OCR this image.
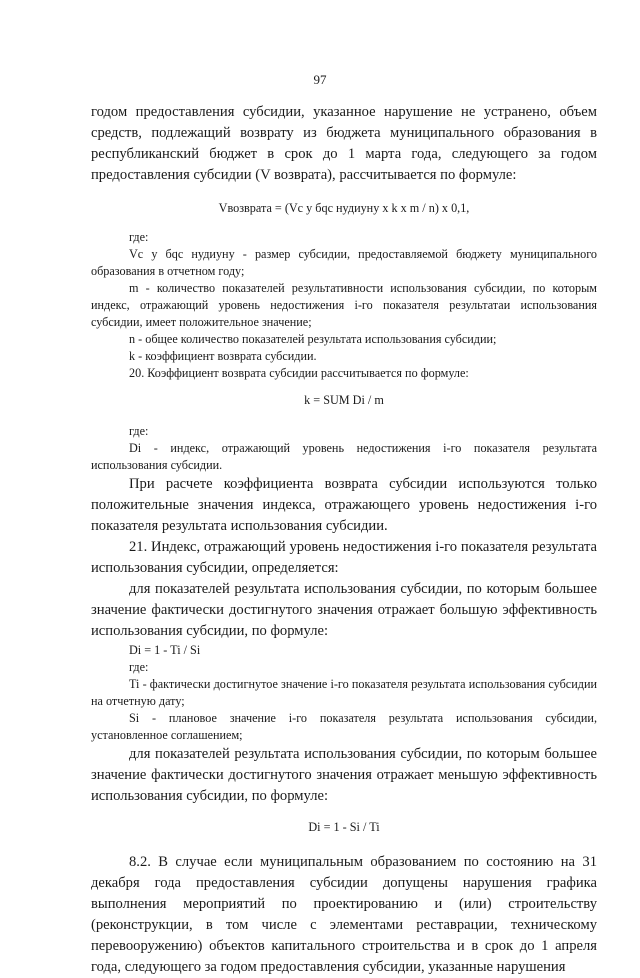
97

годом предоставления субсидии, указанное нарушение не устранено, объем средств, подлежащий возврату из бюджета муниципального образования в республиканский бюджет в срок до 1 марта года, следующего за годом предоставления субсидии (V возврата), рассчитывается по формуле:

Vвозврата = (Vс у бqс нудиуну x k x m / n) x 0,1,

где:

Vс у бqс нудиуну - размер субсидии, предоставляемой бюджету муниципального образования в отчетном году;

m - количество показателей результативности использования субсидии, по которым индекс, отражающий уровень недостижения i-го показателя результатаи использования субсидии, имеет положительное значение;

n - общее количество показателей результата использования субсидии;

k - коэффициент возврата субсидии.

20. Коэффициент возврата субсидии рассчитывается по формуле:

k = SUM Di / m

где:

Di - индекс, отражающий уровень недостижения i-го показателя результата использования субсидии.

При расчете коэффициента возврата субсидии используются только положительные значения индекса, отражающего уровень недостижения i-го показателя результата использования субсидии.

21. Индекс, отражающий уровень недостижения i-го показателя результата использования субсидии, определяется:

для показателей результата использования субсидии, по которым большее значение фактически достигнутого значения отражает большую эффективность использования субсидии, по формуле:

Di = 1 - Ti / Si

где:

Ti - фактически достигнутое значение i-го показателя результата использования субсидии на отчетную дату;

Si - плановое значение i-го показателя результата использования субсидии, установленное соглашением;

для показателей результата использования субсидии, по которым большее значение фактически достигнутого значения отражает меньшую эффективность использования субсидии, по формуле:

Di = 1 - Si / Ti

8.2. В случае если муниципальным образованием по состоянию на 31 декабря года предоставления субсидии допущены нарушения графика выполнения мероприятий по проектированию и (или) строительству (реконструкции, в том числе с элементами реставрации, техническому перевооружению) объектов капитального строительства и в срок до 1 апреля года, следующего за годом предоставления субсидии, указанные нарушения
